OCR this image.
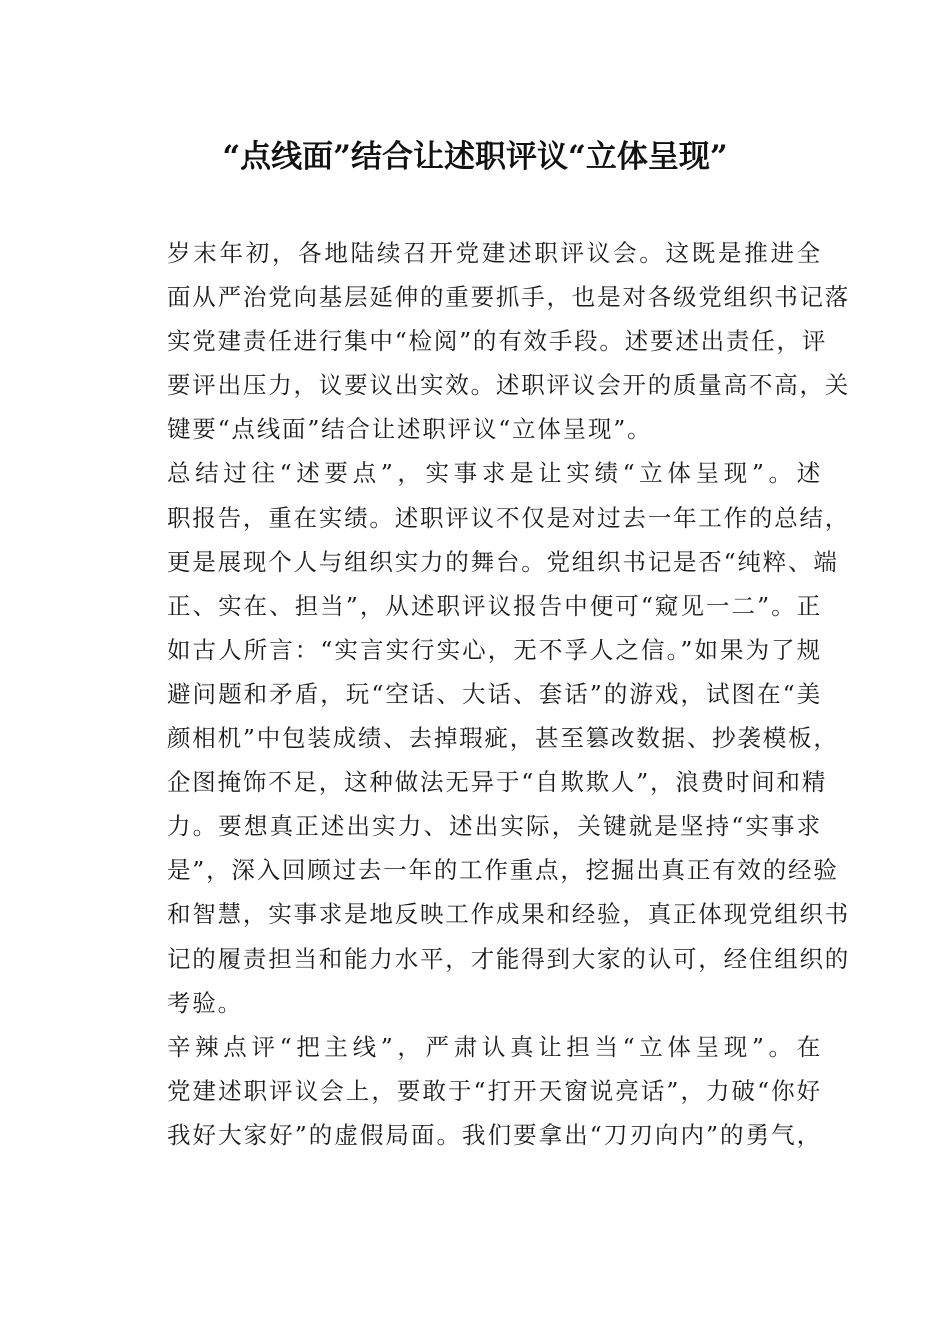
“点线面”结合让述职评议“立体呈现”

岁末年初，各地陆续召开党建述职评议会。这既是推进全
面从严治党向基层延伸的重要抓手，也是对各级党组织书记落
实党建责任进行集中“检阅”的有效手段。述要述出责任，评
要评出压力，议要议出实效。述职评议会开的质量高不高，关
键要“点线面”结合让述职评议“立体呈现”。

总结过往“述要点”，实事求是让实绩“立体呈现”。述
职报告，重在实绩。述职评议不仅是对过去一年工作的总结，
更是展现个人与组织实力的舞台。党组织书记是否“纯粹、端
正、实在、担当”，从述职评议报告中便可“窥见一二”。正
如古人所言：“实言实行实心，无不孚人之信。”如果为了规
避问题和矛盾，玩“空话、大话、套话”的游戏，试图在“美
颜相机”中包装成绩、去掉瑕疵，甚至篡改数据、抄袭模板，
企图掩饰不足，这种做法无异于“自欺欺人”，浪费时间和精
力。要想真正述出实力、述出实际，关键就是坚持“实事求
是”，深入回顾过去一年的工作重点，挖掘出真正有效的经验
和智慧，实事求是地反映工作成果和经验，真正体现党组织书
记的履责担当和能力水平，才能得到大家的认可，经住组织的
考验。

辛辣点评“把主线”，严肃认真让担当“立体呈现”。在
党建述职评议会上，要敢于“打开天窗说亮话”，力破“你好
我好大家好”的虚假局面。我们要拿出“刀刃向内”的勇气，
